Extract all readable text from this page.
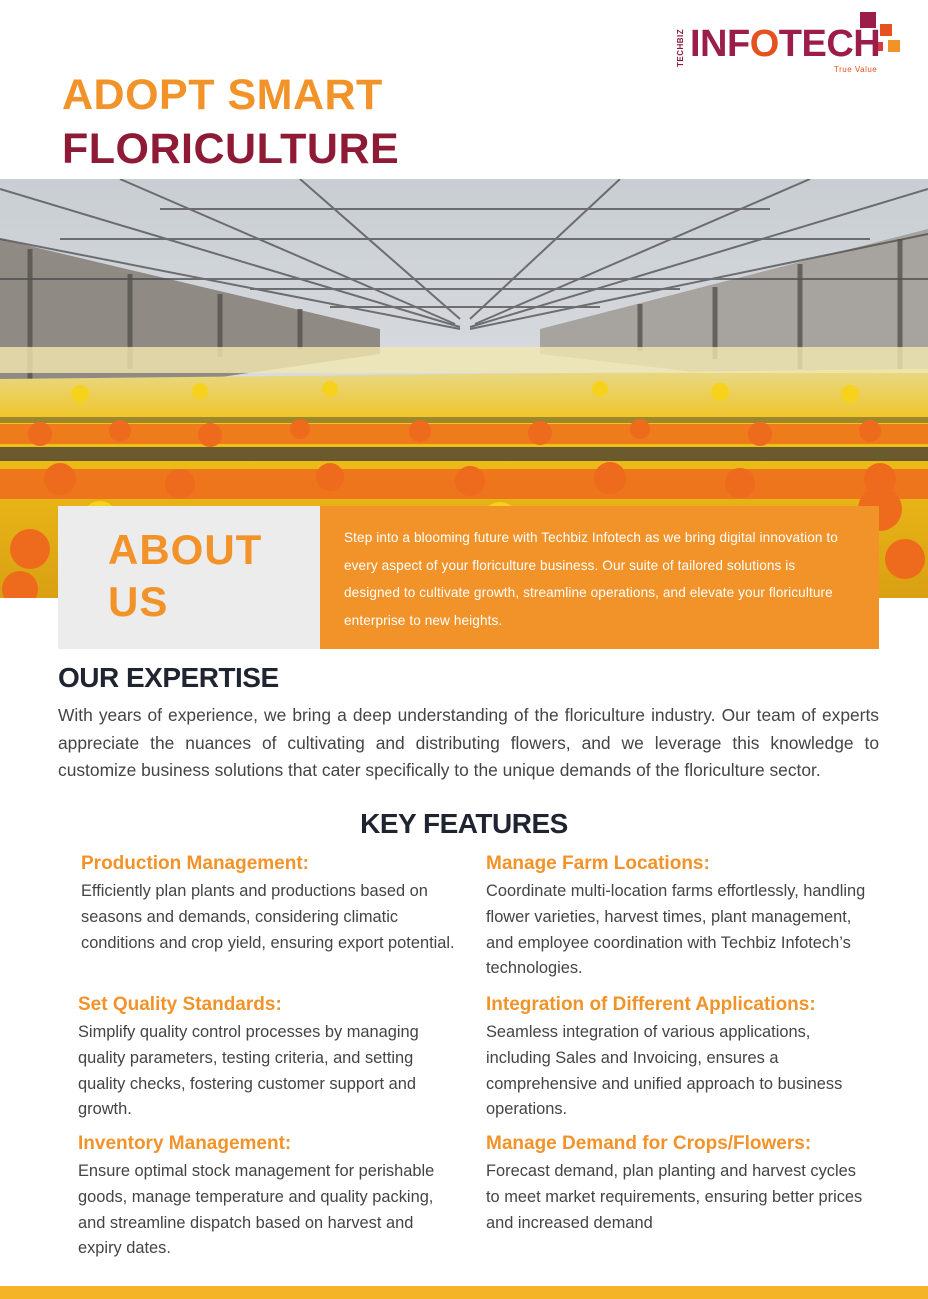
TECHBIZ INFOTECH
True Value
ADOPT SMART
FLORICULTURE
ABOUT US
Step into a blooming future with Techbiz Infotech as we bring digital innovation to every aspect of your floriculture business. Our suite of tailored solutions is designed to cultivate growth, streamline operations, and elevate your floriculture enterprise to new heights.
OUR EXPERTISE
With years of experience, we bring a deep understanding of the floriculture industry. Our team of experts appreciate the nuances of cultivating and distributing flowers, and we leverage this knowledge to customize business solutions that cater specifically to the unique demands of the floriculture sector.
KEY FEATURES
Production Management:

Efficiently plan plants and productions based on seasons and demands, considering climatic conditions and crop yield, ensuring export potential.

Manage Farm Locations:

Coordinate multi-location farms effortlessly, handling flower varieties, harvest times, plant management, and employee coordination with Techbiz Infotech’s technologies.

Set Quality Standards:

Simplify quality control processes by managing quality parameters, testing criteria, and setting quality checks, fostering customer support and growth.

Integration of Different Applications:

Seamless integration of various applications, including Sales and Invoicing, ensures a comprehensive and unified approach to business operations.

Inventory Management:

Ensure optimal stock management for perishable goods, manage temperature and quality packing, and streamline dispatch based on harvest and expiry dates.

Manage Demand for Crops/Flowers:

Forecast demand, plan planting and harvest cycles to meet market requirements, ensuring better prices and increased demand
